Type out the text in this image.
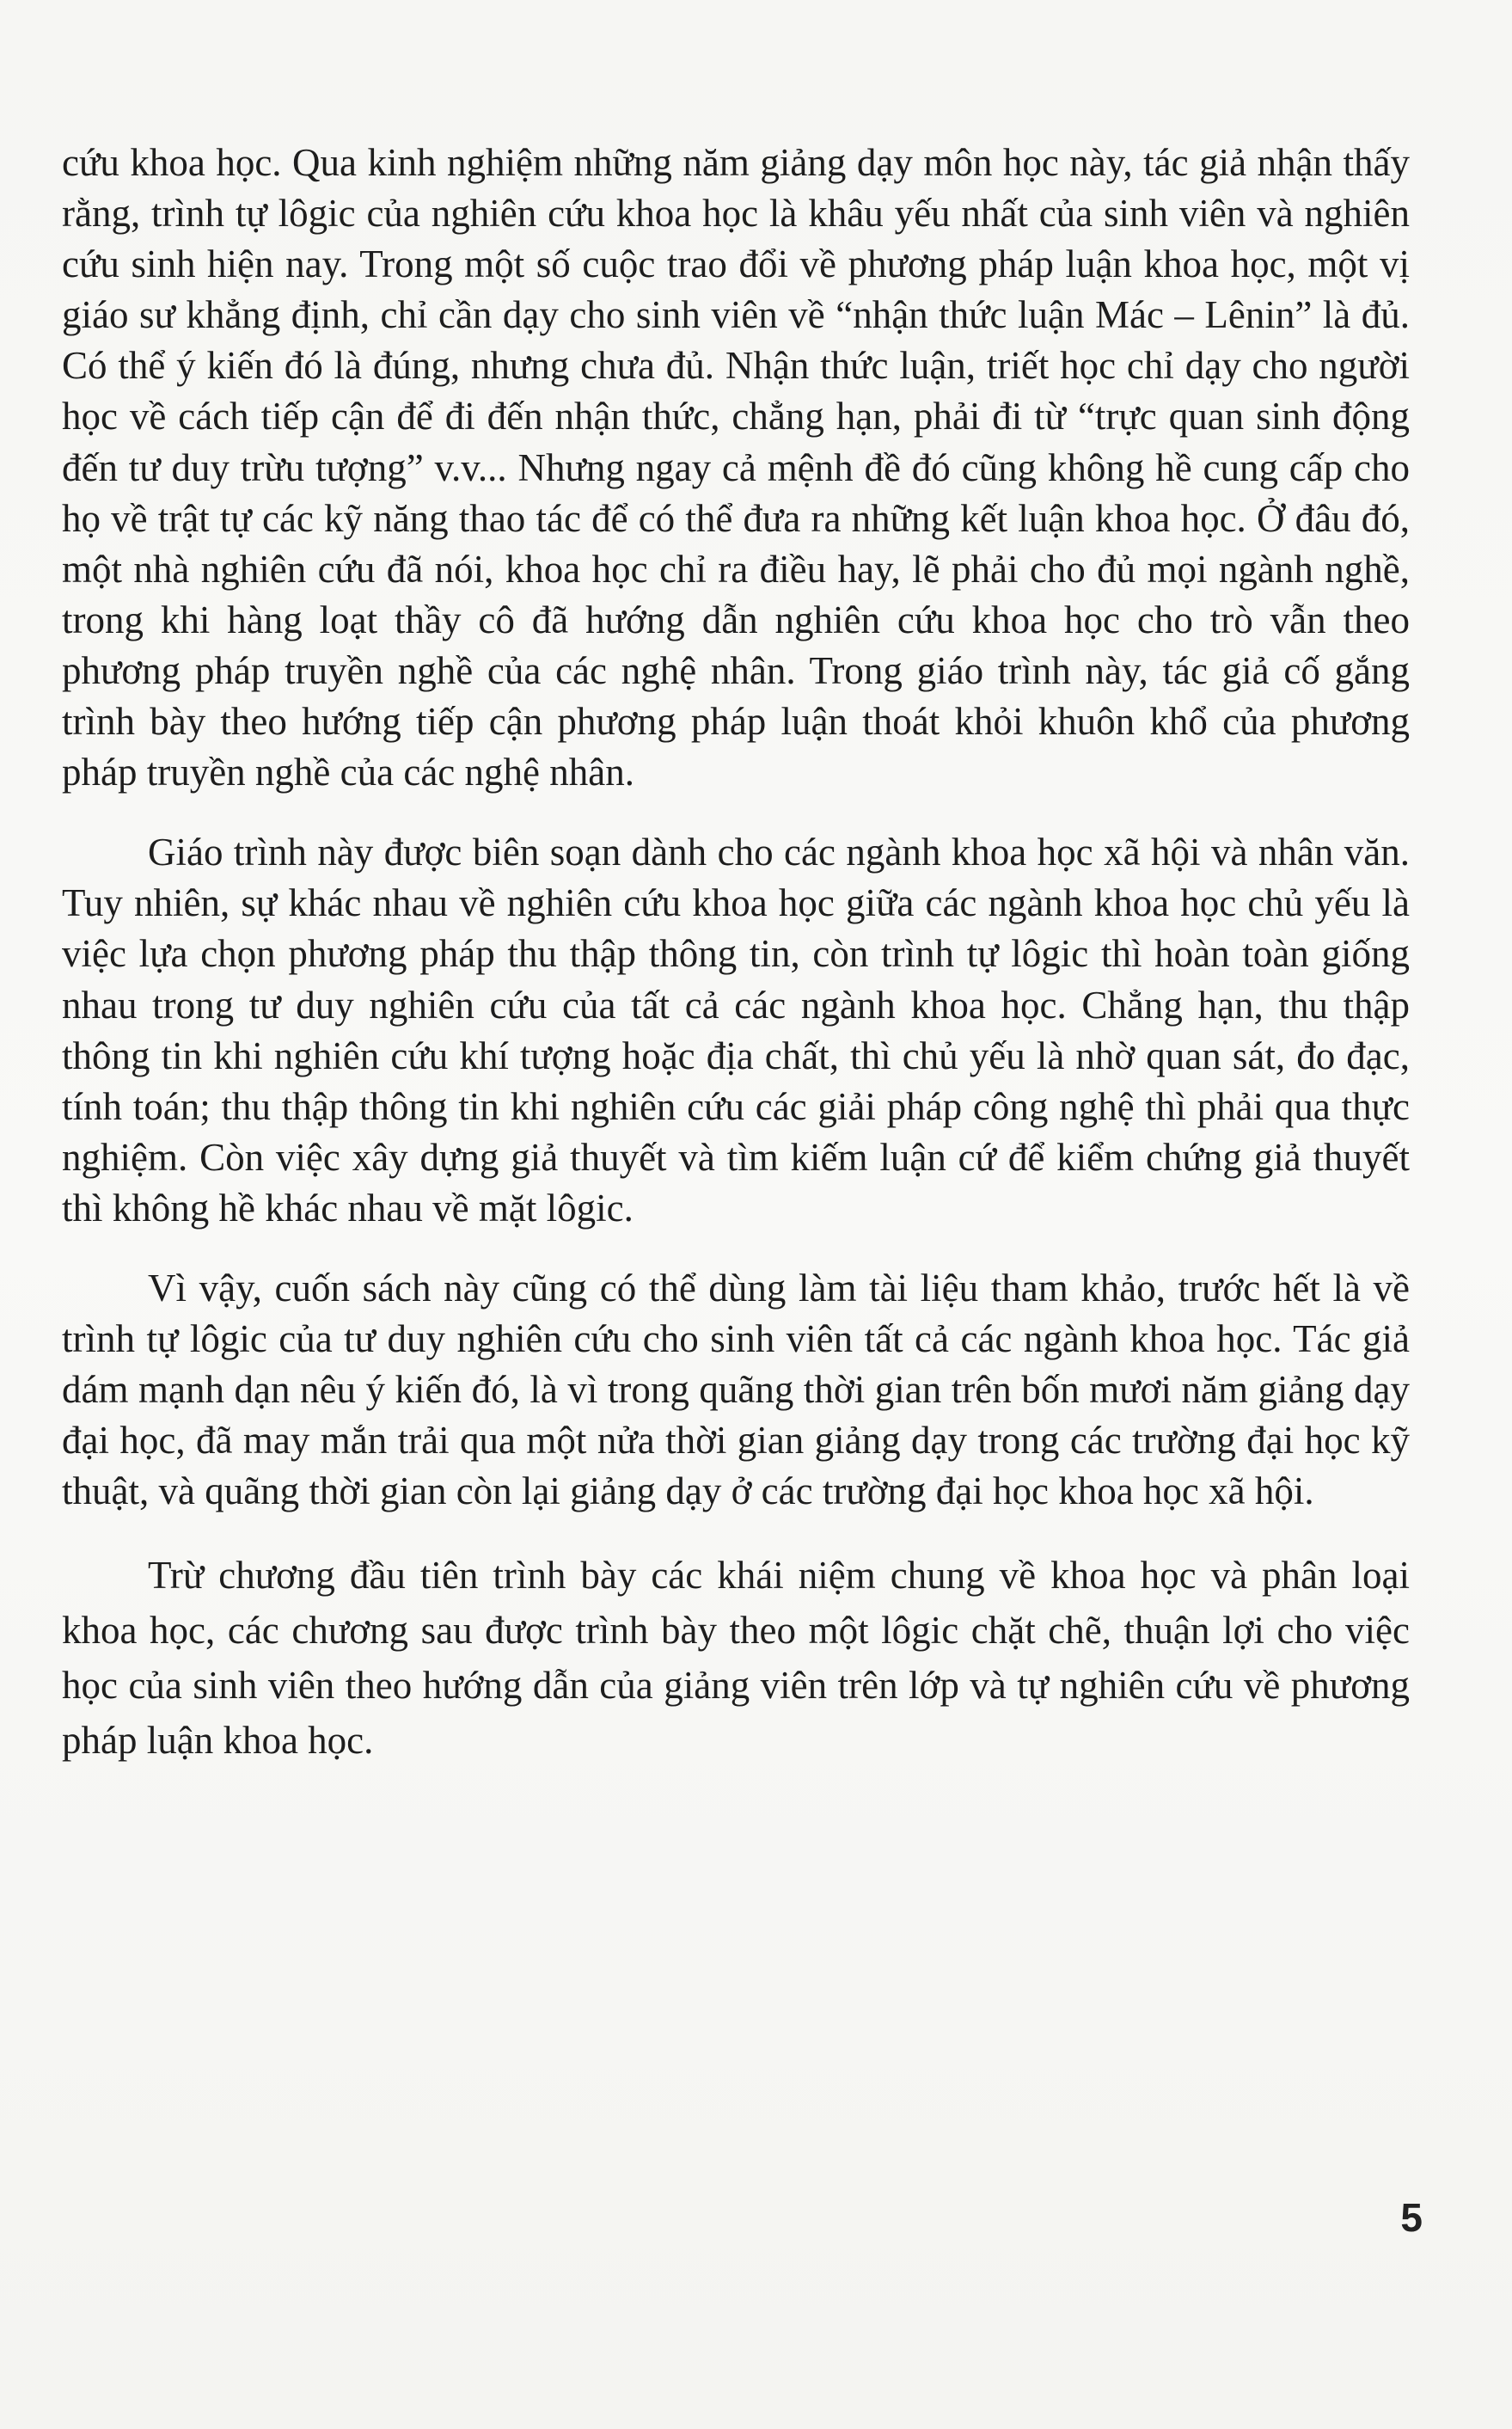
cứu khoa học. Qua kinh nghiệm những năm giảng dạy môn học này, tác giả nhận thấy rằng, trình tự lôgic của nghiên cứu khoa học là khâu yếu nhất của sinh viên và nghiên cứu sinh hiện nay. Trong một số cuộc trao đổi về phương pháp luận khoa học, một vị giáo sư khẳng định, chỉ cần dạy cho sinh viên về “nhận thức luận Mác – Lênin” là đủ. Có thể ý kiến đó là đúng, nhưng chưa đủ. Nhận thức luận, triết học chỉ dạy cho người học về cách tiếp cận để đi đến nhận thức, chẳng hạn, phải đi từ “trực quan sinh động đến tư duy trừu tượng” v.v... Nhưng ngay cả mệnh đề đó cũng không hề cung cấp cho họ về trật tự các kỹ năng thao tác để có thể đưa ra những kết luận khoa học. Ở đâu đó, một nhà nghiên cứu đã nói, khoa học chỉ ra điều hay, lẽ phải cho đủ mọi ngành nghề, trong khi hàng loạt thầy cô đã hướng dẫn nghiên cứu khoa học cho trò vẫn theo phương pháp truyền nghề của các nghệ nhân. Trong giáo trình này, tác giả cố gắng trình bày theo hướng tiếp cận phương pháp luận thoát khỏi khuôn khổ của phương pháp truyền nghề của các nghệ nhân.

Giáo trình này được biên soạn dành cho các ngành khoa học xã hội và nhân văn. Tuy nhiên, sự khác nhau về nghiên cứu khoa học giữa các ngành khoa học chủ yếu là việc lựa chọn phương pháp thu thập thông tin, còn trình tự lôgic thì hoàn toàn giống nhau trong tư duy nghiên cứu của tất cả các ngành khoa học. Chẳng hạn, thu thập thông tin khi nghiên cứu khí tượng hoặc địa chất, thì chủ yếu là nhờ quan sát, đo đạc, tính toán; thu thập thông tin khi nghiên cứu các giải pháp công nghệ thì phải qua thực nghiệm. Còn việc xây dựng giả thuyết và tìm kiếm luận cứ để kiểm chứng giả thuyết thì không hề khác nhau về mặt lôgic.

Vì vậy, cuốn sách này cũng có thể dùng làm tài liệu tham khảo, trước hết là về trình tự lôgic của tư duy nghiên cứu cho sinh viên tất cả các ngành khoa học. Tác giả dám mạnh dạn nêu ý kiến đó, là vì trong quãng thời gian trên bốn mươi năm giảng dạy đại học, đã may mắn trải qua một nửa thời gian giảng dạy trong các trường đại học kỹ thuật, và quãng thời gian còn lại giảng dạy ở các trường đại học khoa học xã hội.

Trừ chương đầu tiên trình bày các khái niệm chung về khoa học và phân loại khoa học, các chương sau được trình bày theo một lôgic chặt chẽ, thuận lợi cho việc học của sinh viên theo hướng dẫn của giảng viên trên lớp và tự nghiên cứu về phương pháp luận khoa học.

5
